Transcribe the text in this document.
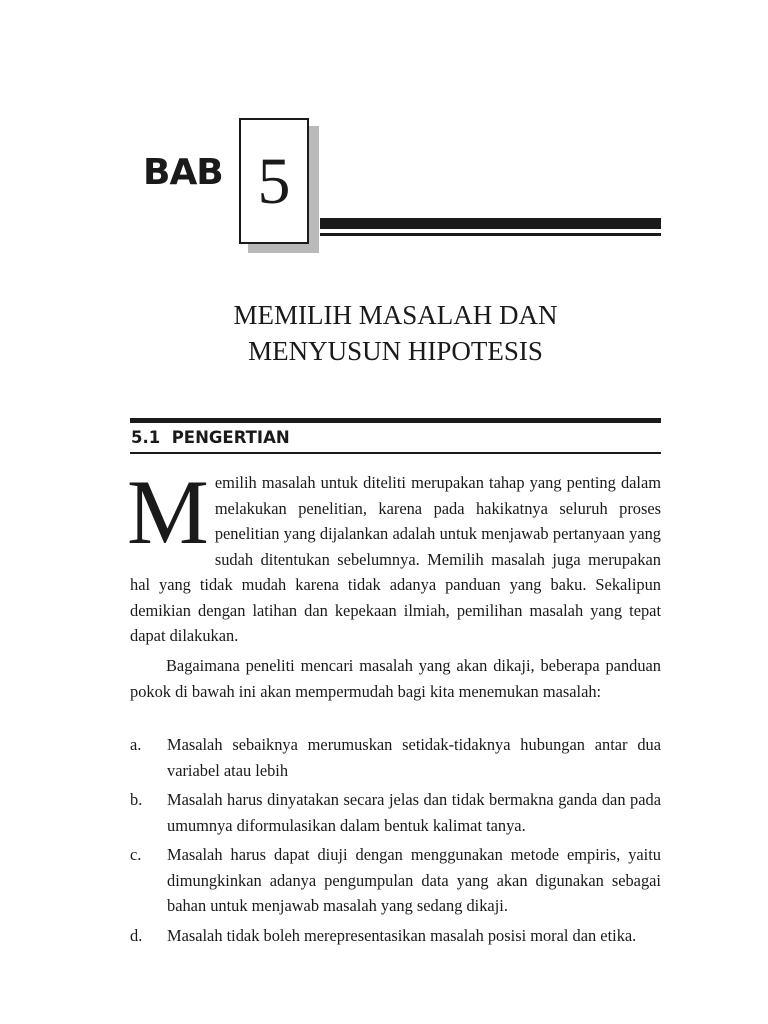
BAB 5
MEMILIH MASALAH DAN
MENYUSUN HIPOTESIS
5.1  PENGERTIAN
M emilih masalah untuk diteliti merupakan tahap yang penting dalam melakukan penelitian, karena pada hakikatnya seluruh proses penelitian yang dijalankan adalah untuk menjawab pertanyaan yang sudah ditentukan sebelumnya. Memilih masalah juga merupakan hal yang tidak mudah karena tidak adanya panduan yang baku. Sekalipun demikian dengan latihan dan kepekaan ilmiah, pemilihan masalah yang tepat dapat dilakukan.
Bagaimana peneliti mencari masalah yang akan dikaji, beberapa panduan pokok di bawah ini akan mempermudah bagi kita menemukan masalah:
a. Masalah sebaiknya merumuskan setidak-tidaknya hubungan antar dua variabel atau lebih
b. Masalah harus dinyatakan secara jelas dan tidak bermakna ganda dan pada umumnya diformulasikan dalam bentuk kalimat tanya.
c. Masalah harus dapat diuji dengan menggunakan metode empiris, yaitu dimungkinkan adanya pengumpulan data yang akan digunakan sebagai bahan untuk menjawab masalah yang sedang dikaji.
d. Masalah tidak boleh merepresentasikan masalah posisi moral dan etika.
